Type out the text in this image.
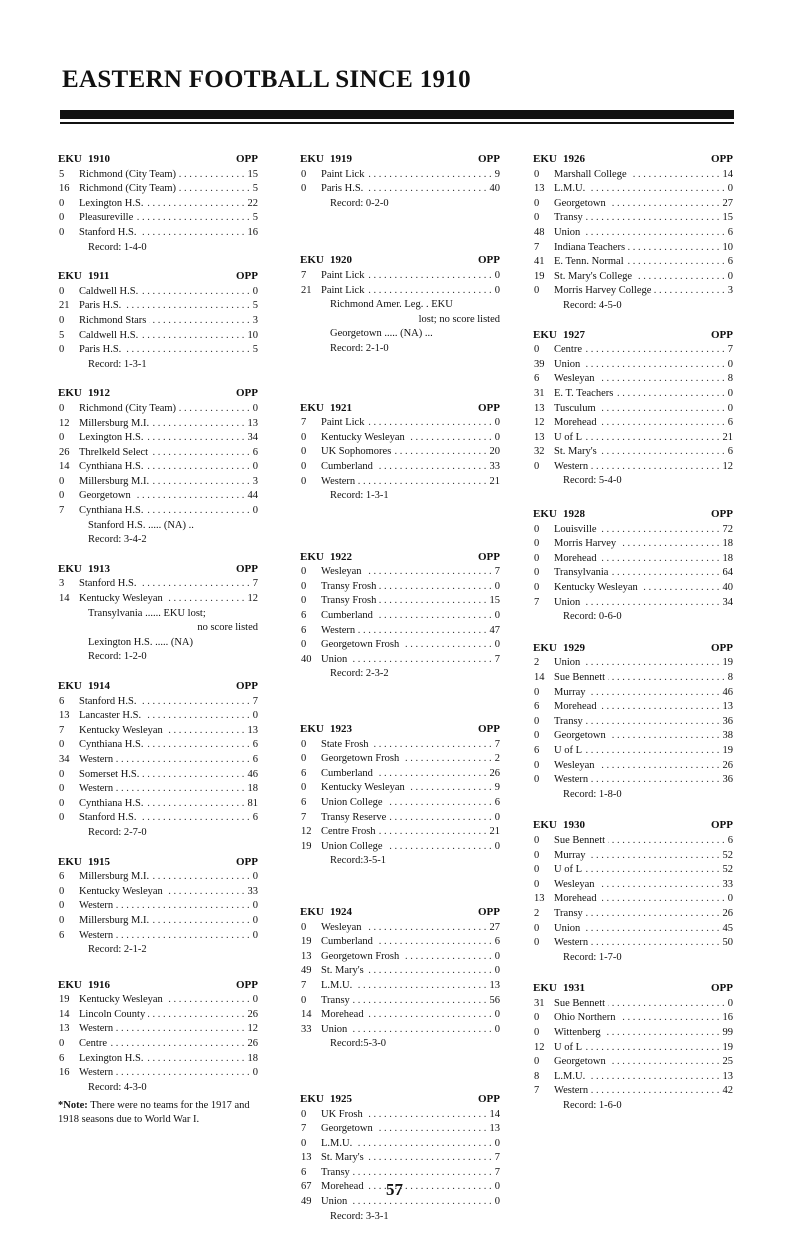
EASTERN FOOTBALL SINCE 1910
EKU 1910	OPP
5	Richmond (City Team) . . .	15
16 Richmond (City Team) . . .	5
0	Lexington H.S. . . .	22
0	Pleasureville . . .	5
0	Stanford H.S. . . .	16
Record: 1-4-0
EKU 1911	OPP
0	Caldwell H.S. . . .	0
21 Paris H.S. . . .	5
0	Richmond Stars . . .	3
5	Caldwell H.S. . . .	10
0	Paris H.S. . . .	5
Record: 1-3-1
EKU 1912	OPP
0	Richmond (City Team) . . .	0
12 Millersburg M.I. . . .	13
0	Lexington H.S. . . .	34
26 Threlkeld Select . . .	6
14 Cynthiana H.S. . . .	0
0	Millersburg M.I. . . .	3
0	Georgetown . . .	44
7	Cynthiana H.S. . . .	0
Stanford H.S. ..... (NA) ..
Record: 3-4-2
EKU 1913	OPP
3	Stanford H.S. . . .	7
14 Kentucky Wesleyan . . .	12
Transylvania ...... EKU lost;
no score listed
Lexington H.S. ..... (NA)
Record: 1-2-0
EKU 1914	OPP
6	Stanford H.S. . . .	7
13 Lancaster H.S. . . .	0
7	Kentucky Wesleyan . . .	13
0	Cynthiana H.S. . . .	6
34 Western . . .	6
0	Somerset H.S. . . .	46
0	Western . . .	18
0	Cynthiana H.S. . . .	81
0	Stanford H.S. . . .	6
Record: 2-7-0
EKU 1915	OPP
6	Millersburg M.I. . . .	0
0	Kentucky Wesleyan . . .	33
0	Western . . .	0
0	Millersburg M.I. . . .	0
6	Western . . .	0
Record: 2-1-2
EKU 1916	OPP
19 Kentucky Wesleyan . . .	0
14 Lincoln County . . .	26
13 Western . . .	12
0	Centre . . .	26
6	Lexington H.S. . . .	18
16 Western . . .	0
Record: 4-3-0
*Note: There were no teams for the 1917 and 1918 seasons due to World War I.
EKU 1919	OPP
0	Paint Lick . . .	9
0	Paris H.S. . . .	40
Record: 0-2-0
EKU 1920	OPP
7	Paint Lick . . .	0
21 Paint Lick . . .	0
Richmond Amer. Leg. . EKU
lost; no score listed
Georgetown ..... (NA) ...
Record: 2-1-0
EKU 1921	OPP
7	Paint Lick . . .	0
0	Kentucky Wesleyan . . .	0
0	UK Sophomores . . .	20
0	Cumberland . . .	33
0	Western . . .	21
Record: 1-3-1
EKU 1922	OPP
0	Wesleyan . . .	7
0	Transy Frosh . . .	0
0	Transy Frosh . . .	15
6	Cumberland . . .	0
6	Western . . .	47
0	Georgetown Frosh . . .	0
40 Union . . .	7
Record: 2-3-2
EKU 1923	OPP
0	State Frosh . . .	7
0	Georgetown Frosh . . .	2
6	Cumberland . . .	26
0	Kentucky Wesleyan . . .	9
6	Union College . . .	6
7	Transy Reserve . . .	0
12 Centre Frosh . . .	21
19 Union College . . .	0
Record:3-5-1
EKU 1924	OPP
0	Wesleyan . . .	27
19 Cumberland . . .	6
13 Georgetown Frosh . . .	0
49 St. Mary's . . .	0
7	L.M.U. . . .	13
0	Transy . . .	56
14 Morehead . . .	0
33 Union . . .	0
Record:5-3-0
EKU 1925	OPP
0	UK Frosh . . .	14
7	Georgetown . . .	13
0	L.M.U. . . .	0
13 St. Mary's . . .	7
6	Transy . . .	7
67 Morehead . . .	0
49 Union . . .	0
Record: 3-3-1
EKU 1926	OPP
0	Marshall College . . .	14
13 L.M.U. . . .	0
0	Georgetown . . .	27
0	Transy . . .	15
48 Union . . .	6
7	Indiana Teachers . . .	10
41 E. Tenn. Normal . . .	6
19 St. Mary's College . . .	0
0	Morris Harvey College . . .	3
Record: 4-5-0
EKU 1927	OPP
0	Centre . . .	7
39 Union . . .	0
6	Wesleyan . . .	8
31 E. T. Teachers . . .	0
13 Tusculum . . .	0
12 Morehead . . .	6
13 U of L . . .	21
32 St. Mary's . . .	6
0	Western . . .	12
Record: 5-4-0
EKU 1928	OPP
0	Louisville . . .	72
0	Morris Harvey . . .	18
0	Morehead . . .	18
0	Transylvania . . .	64
0	Kentucky Wesleyan . . .	40
7	Union . . .	34
Record: 0-6-0
EKU 1929	OPP
2	Union . . .	19
14 Sue Bennett . . .	8
0	Murray . . .	46
6	Morehead . . .	13
0	Transy . . .	36
0	Georgetown . . .	38
6	U of L . . .	19
0	Wesleyan . . .	26
0	Western . . .	36
Record: 1-8-0
EKU 1930	OPP
0	Sue Bennett . . .	6
0	Murray . . .	52
0	U of L . . .	52
0	Wesleyan . . .	33
13 Morehead . . .	0
2	Transy . . .	26
0	Union . . .	45
0	Western . . .	50
Record: 1-7-0
EKU 1931	OPP
31 Sue Bennett . . .	0
0	Ohio Northern . . .	16
0	Wittenberg . . .	99
12 U of L . . .	19
0	Georgetown . . .	25
8	L.M.U. . . .	13
7	Western . . .	42
Record: 1-6-0
57
